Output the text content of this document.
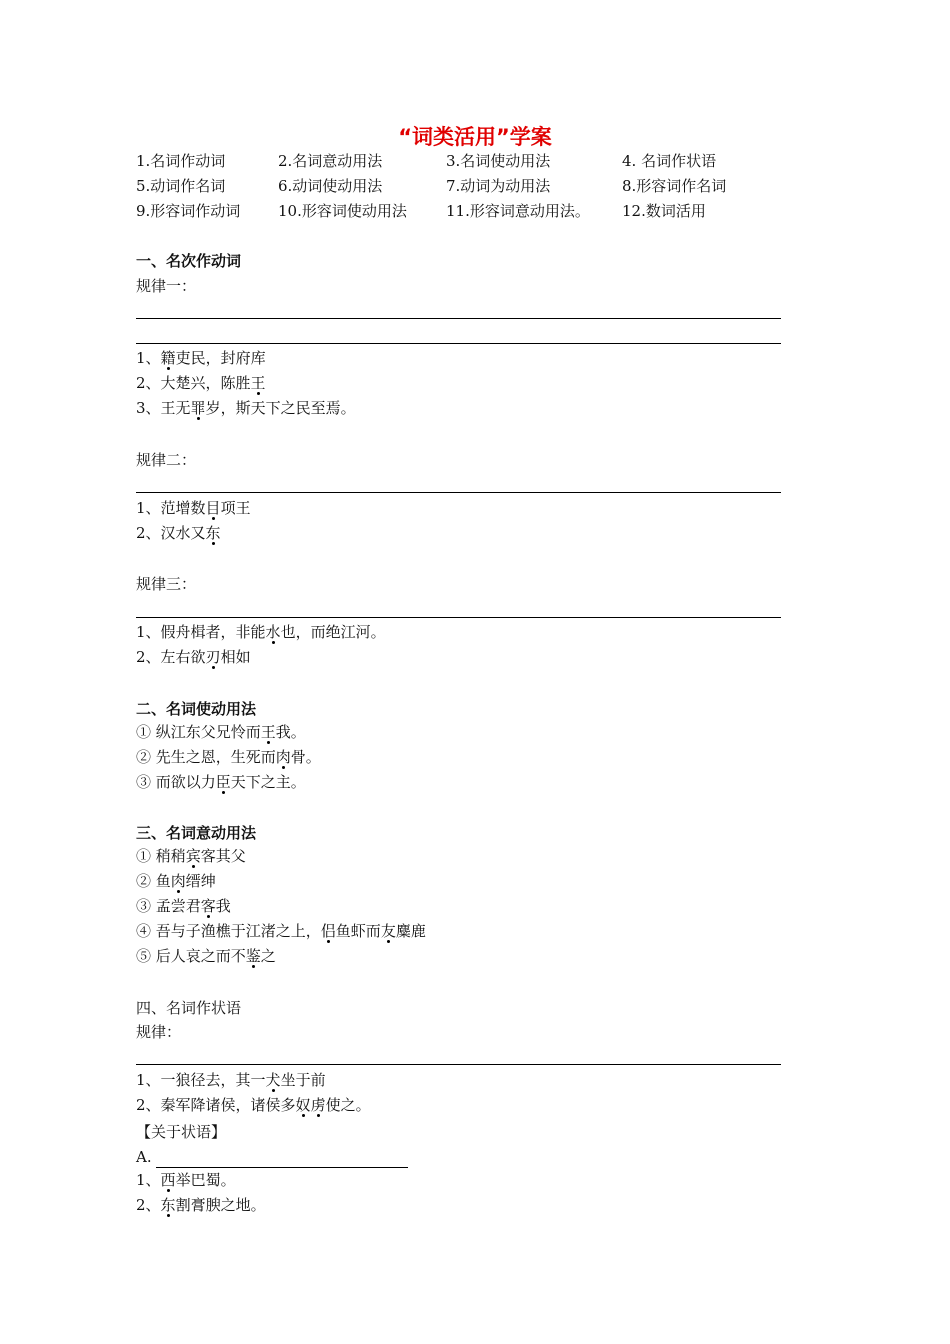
“词类活用”学案
1.名词作动词	2.名词意动用法	3.名词使动用法	4. 名词作状语
5.动词作名词	6.动词使动用法	7.动词为动用法	8.形容词作名词
9.形容词作动词	10.形容词使动用法	11.形容词意动用法。 12.数词活用
一、名次作动词
规律一：
1、籍吏民，封府库
2、大楚兴，陈胜王
3、王无罪岁，斯天下之民至焉。
规律二：
1、范增数目项王
2、汉水又东
规律三：
1、假舟楫者，非能水也，而绝江河。
2、左右欲刃相如
二、名词使动用法
① 纵江东父兄怜而王我。
② 先生之恩，生死而肉骨。
③ 而欲以力臣天下之主。
三、名词意动用法
① 稍稍宾客其父
② 鱼肉缙绅
③ 孟尝君客我
④ 吾与子渔樵于江渚之上，侣鱼虾而友麋鹿
⑤ 后人哀之而不鉴之
四、名词作状语
规律：
1、一狼径去，其一犬坐于前
2、秦军降诸侯，诸侯多奴虏使之。
【关于状语】
A.
1、西举巴蜀。
2、东割膏腴之地。
